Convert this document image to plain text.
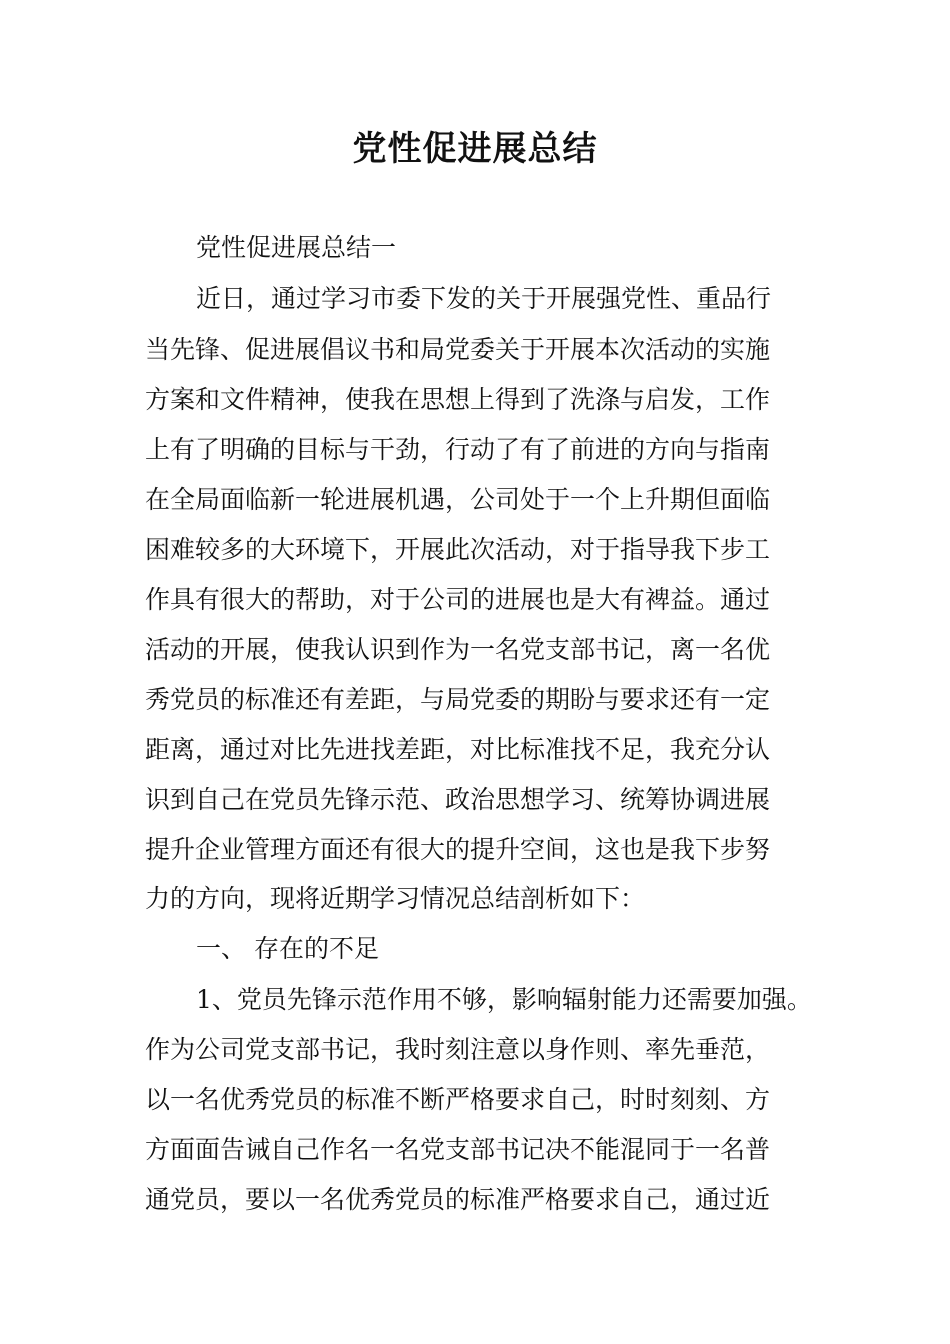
党性促进展总结
党性促进展总结一
近日，通过学习市委下发的关于开展强党性、重品行
当先锋、促进展倡议书和局党委关于开展本次活动的实施
方案和文件精神，使我在思想上得到了洗涤与启发，工作
上有了明确的目标与干劲，行动了有了前进的方向与指南
在全局面临新一轮进展机遇，公司处于一个上升期但面临
困难较多的大环境下，开展此次活动，对于指导我下步工
作具有很大的帮助，对于公司的进展也是大有裨益。通过
活动的开展，使我认识到作为一名党支部书记，离一名优
秀党员的标准还有差距，与局党委的期盼与要求还有一定
距离，通过对比先进找差距，对比标准找不足，我充分认
识到自己在党员先锋示范、政治思想学习、统筹协调进展
提升企业管理方面还有很大的提升空间，这也是我下步努
力的方向，现将近期学习情况总结剖析如下：
一、 存在的不足
1、党员先锋示范作用不够，影响辐射能力还需要加强。
作为公司党支部书记，我时刻注意以身作则、率先垂范，
以一名优秀党员的标准不断严格要求自己，时时刻刻、方
方面面告诫自己作名一名党支部书记决不能混同于一名普
通党员，要以一名优秀党员的标准严格要求自己，通过近
